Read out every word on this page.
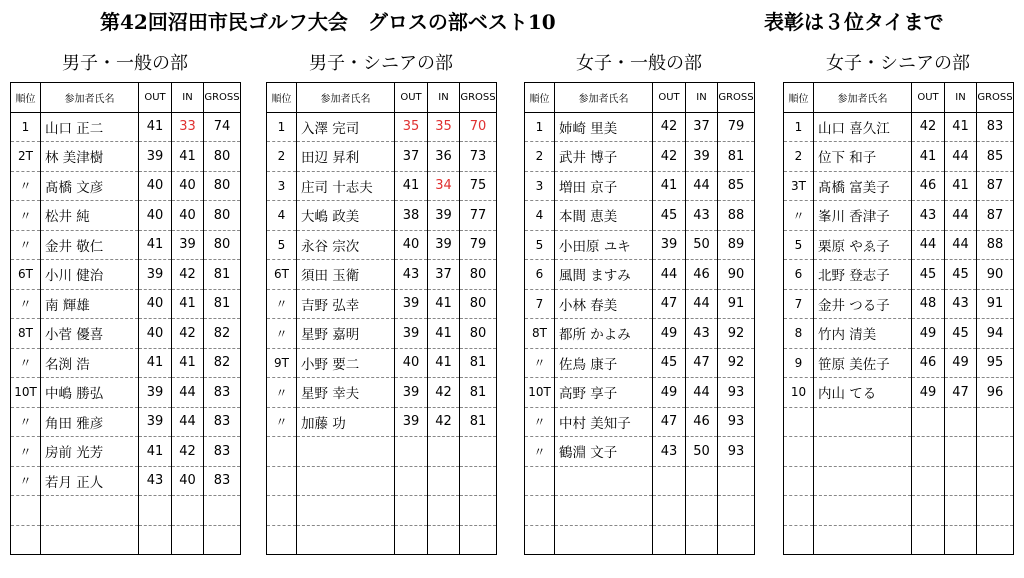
第42回沼田市民ゴルフ大会　グロスの部ベスト10	表彰は３位タイまで
男子・一般の部
順位	参加者氏名	OUT	IN	GROSS
1	山口 正二	41	33	74
2T	林 美津樹	39	41	80
〃	髙橋 文彦	40	40	80
〃	松井 純	40	40	80
〃	金井 敬仁	41	39	80
6T	小川 健治	39	42	81
〃	南 輝雄	40	41	81
8T	小菅 優喜	40	42	82
〃	名渕 浩	41	41	82
10T	中嶋 勝弘	39	44	83
〃	角田 雅彦	39	44	83
〃	房前 光芳	41	42	83
〃	若月 正人	43	40	83

男子・シニアの部
順位	参加者氏名	OUT	IN	GROSS
1	入澤 完司	35	35	70
2	田辺 昇利	37	36	73
3	庄司 十志夫	41	34	75
4	大嶋 政美	38	39	77
5	永谷 宗次	40	39	79
6T	須田 玉衛	43	37	80
〃	吉野 弘幸	39	41	80
〃	星野 嘉明	39	41	80
9T	小野 要二	40	41	81
〃	星野 幸夫	39	42	81
〃	加藤 功	39	42	81

女子・一般の部
順位	参加者氏名	OUT	IN	GROSS
1	姉崎 里美	42	37	79
2	武井 博子	42	39	81
3	増田 京子	41	44	85
4	本間 恵美	45	43	88
5	小田原 ユキ	39	50	89
6	風間 ますみ	44	46	90
7	小林 春美	47	44	91
8T	都所 かよみ	49	43	92
〃	佐鳥 康子	45	47	92
10T	高野 享子	49	44	93
〃	中村 美知子	47	46	93
〃	鶴淵 文子	43	50	93

女子・シニアの部
順位	参加者氏名	OUT	IN	GROSS
1	山口 喜久江	42	41	83
2	位下 和子	41	44	85
3T	髙橋 富美子	46	41	87
〃	峯川 香津子	43	44	87
5	栗原 やゑ子	44	44	88
6	北野 登志子	45	45	90
7	金井 つる子	48	43	91
8	竹内 清美	49	45	94
9	笹原 美佐子	46	49	95
10	内山 てる	49	47	96
